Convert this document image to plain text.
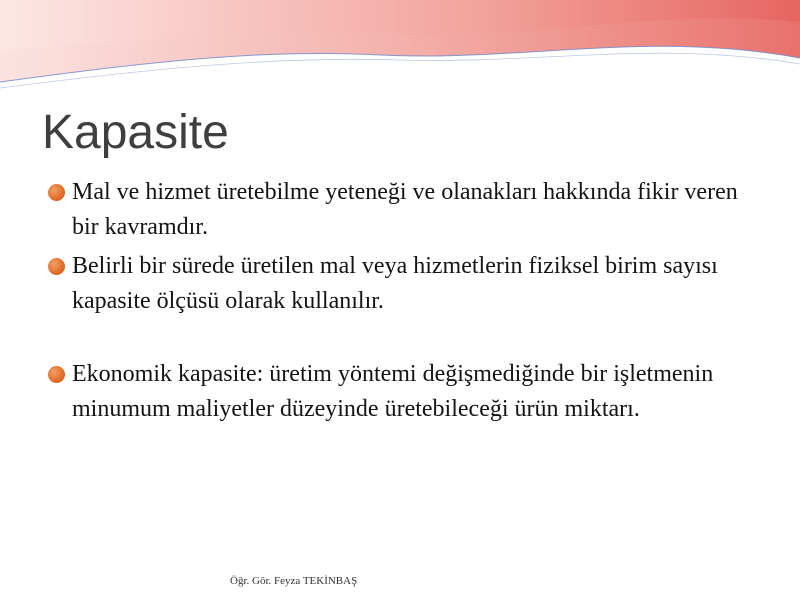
Kapasite
Mal ve hizmet üretebilme yeteneği ve olanakları hakkında fikir veren bir kavramdır.
Belirli bir sürede üretilen mal veya hizmetlerin fiziksel birim sayısı kapasite ölçüsü olarak kullanılır.
Ekonomik kapasite: üretim yöntemi değişmediğinde bir işletmenin minumum maliyetler düzeyinde üretebileceği ürün miktarı.
Öğr. Gör. Feyza TEKİNBAŞ
